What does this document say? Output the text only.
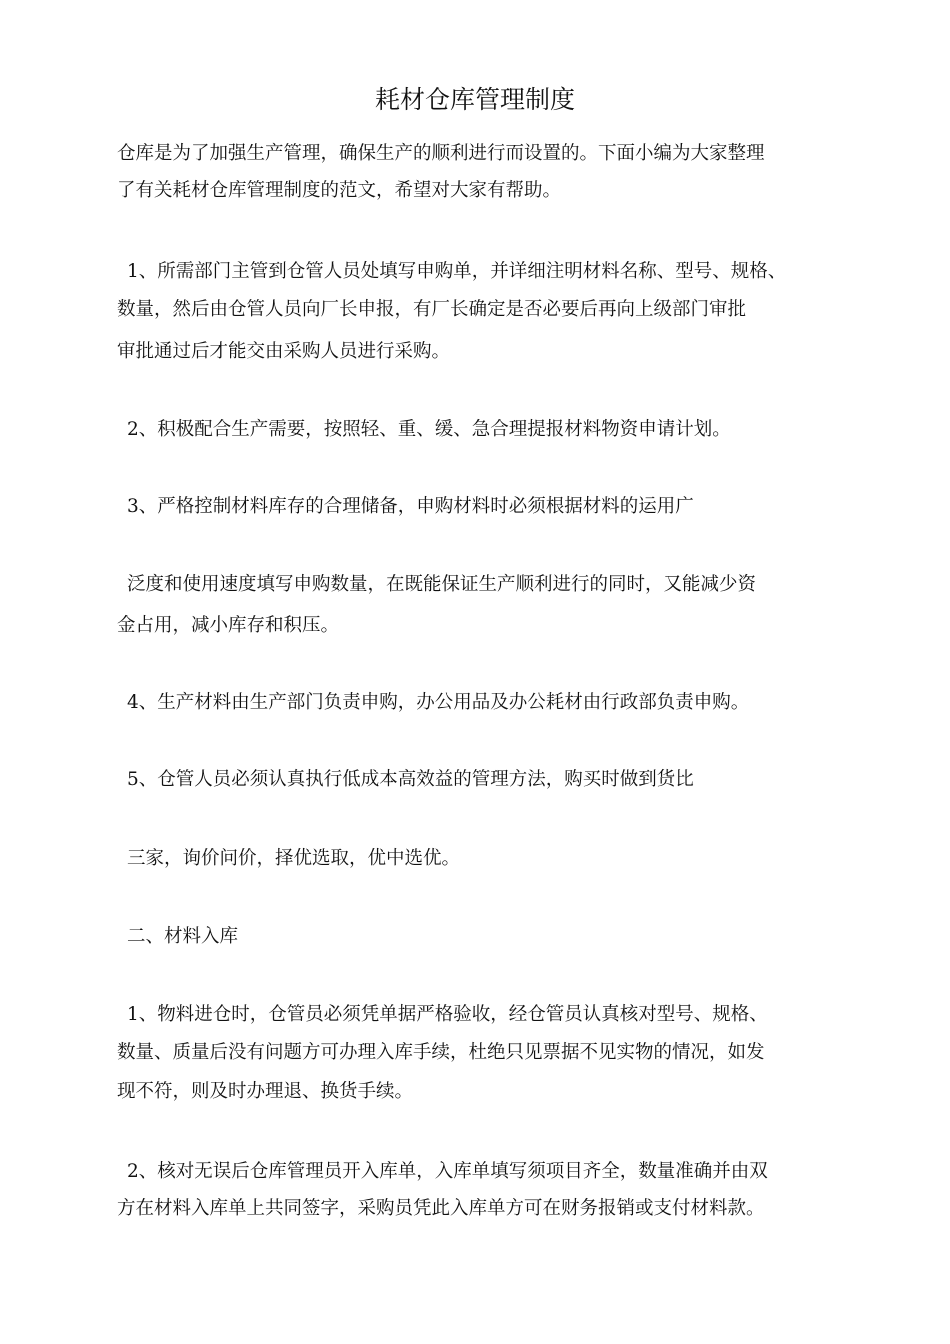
耗材仓库管理制度
仓库是为了加强生产管理，确保生产的顺利进行而设置的。下面小编为大家整理
了有关耗材仓库管理制度的范文，希望对大家有帮助。
1、所需部门主管到仓管人员处填写申购单，并详细注明材料名称、型号、规格、
数量，然后由仓管人员向厂长申报，有厂长确定是否必要后再向上级部门审批
审批通过后才能交由采购人员进行采购。
2、积极配合生产需要，按照轻、重、缓、急合理提报材料物资申请计划。
3、严格控制材料库存的合理储备，申购材料时必须根据材料的运用广
泛度和使用速度填写申购数量，在既能保证生产顺利进行的同时，又能减少资
金占用，减小库存和积压。
4、生产材料由生产部门负责申购，办公用品及办公耗材由行政部负责申购。
5、仓管人员必须认真执行低成本高效益的管理方法，购买时做到货比
三家，询价问价，择优选取，优中选优。
二、材料入库
1、物料进仓时，仓管员必须凭单据严格验收，经仓管员认真核对型号、规格、
数量、质量后没有问题方可办理入库手续，杜绝只见票据不见实物的情况，如发
现不符，则及时办理退、换货手续。
2、核对无误后仓库管理员开入库单，入库单填写须项目齐全，数量准确并由双
方在材料入库单上共同签字，采购员凭此入库单方可在财务报销或支付材料款。
